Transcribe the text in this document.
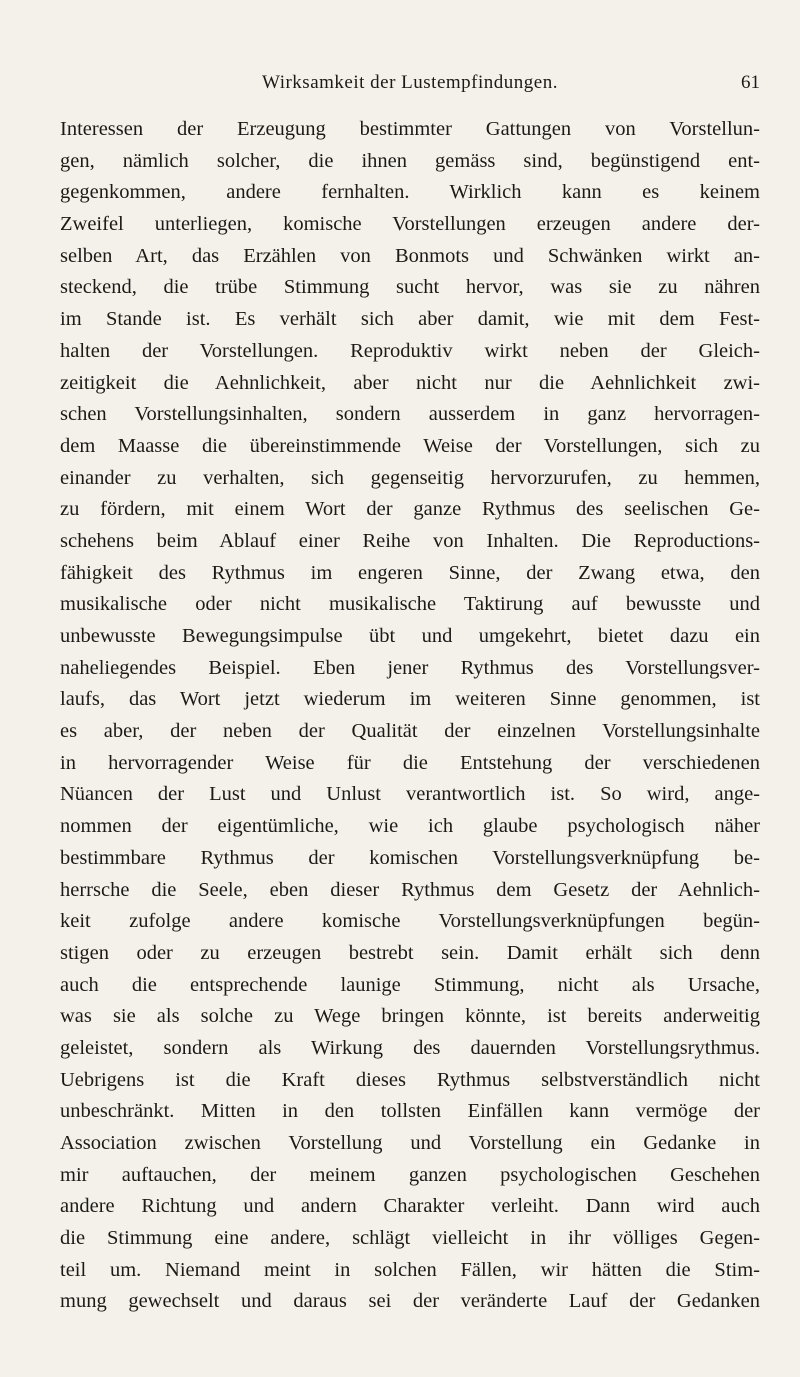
Wirksamkeit der Lustempfindungen.	61
Interessen der Erzeugung bestimmter Gattungen von Vorstellun-
gen, nämlich solcher, die ihnen gemäss sind, begünstigend ent-
gegenkommen, andere fernhalten. Wirklich kann es keinem
Zweifel unterliegen, komische Vorstellungen erzeugen andere der-
selben Art, das Erzählen von Bonmots und Schwänken wirkt an-
steckend, die trübe Stimmung sucht hervor, was sie zu nähren
im Stande ist. Es verhält sich aber damit, wie mit dem Fest-
halten der Vorstellungen. Reproduktiv wirkt neben der Gleich-
zeitigkeit die Aehnlichkeit, aber nicht nur die Aehnlichkeit zwi-
schen Vorstellungsinhalten, sondern ausserdem in ganz hervorragen-
dem Maasse die übereinstimmende Weise der Vorstellungen, sich zu
einander zu verhalten, sich gegenseitig hervorzurufen, zu hemmen,
zu fördern, mit einem Wort der ganze Rythmus des seelischen Ge-
schehens beim Ablauf einer Reihe von Inhalten. Die Reproductions-
fähigkeit des Rythmus im engeren Sinne, der Zwang etwa, den
musikalische oder nicht musikalische Taktirung auf bewusste und
unbewusste Bewegungsimpulse übt und umgekehrt, bietet dazu ein
naheliegendes Beispiel. Eben jener Rythmus des Vorstellungsver-
laufs, das Wort jetzt wiederum im weiteren Sinne genommen, ist
es aber, der neben der Qualität der einzelnen Vorstellungsinhalte
in hervorragender Weise für die Entstehung der verschiedenen
Nüancen der Lust und Unlust verantwortlich ist. So wird, ange-
nommen der eigentümliche, wie ich glaube psychologisch näher
bestimmbare Rythmus der komischen Vorstellungsverknüpfung be-
herrsche die Seele, eben dieser Rythmus dem Gesetz der Aehnlich-
keit zufolge andere komische Vorstellungsverknüpfungen begün-
stigen oder zu erzeugen bestrebt sein. Damit erhält sich denn
auch die entsprechende launige Stimmung, nicht als Ursache,
was sie als solche zu Wege bringen könnte, ist bereits anderweitig
geleistet, sondern als Wirkung des dauernden Vorstellungsrythmus.
Uebrigens ist die Kraft dieses Rythmus selbstverständlich nicht
unbeschränkt. Mitten in den tollsten Einfällen kann vermöge der
Association zwischen Vorstellung und Vorstellung ein Gedanke in
mir auftauchen, der meinem ganzen psychologischen Geschehen
andere Richtung und andern Charakter verleiht. Dann wird auch
die Stimmung eine andere, schlägt vielleicht in ihr völliges Gegen-
teil um. Niemand meint in solchen Fällen, wir hätten die Stim-
mung gewechselt und daraus sei der veränderte Lauf der Gedanken
